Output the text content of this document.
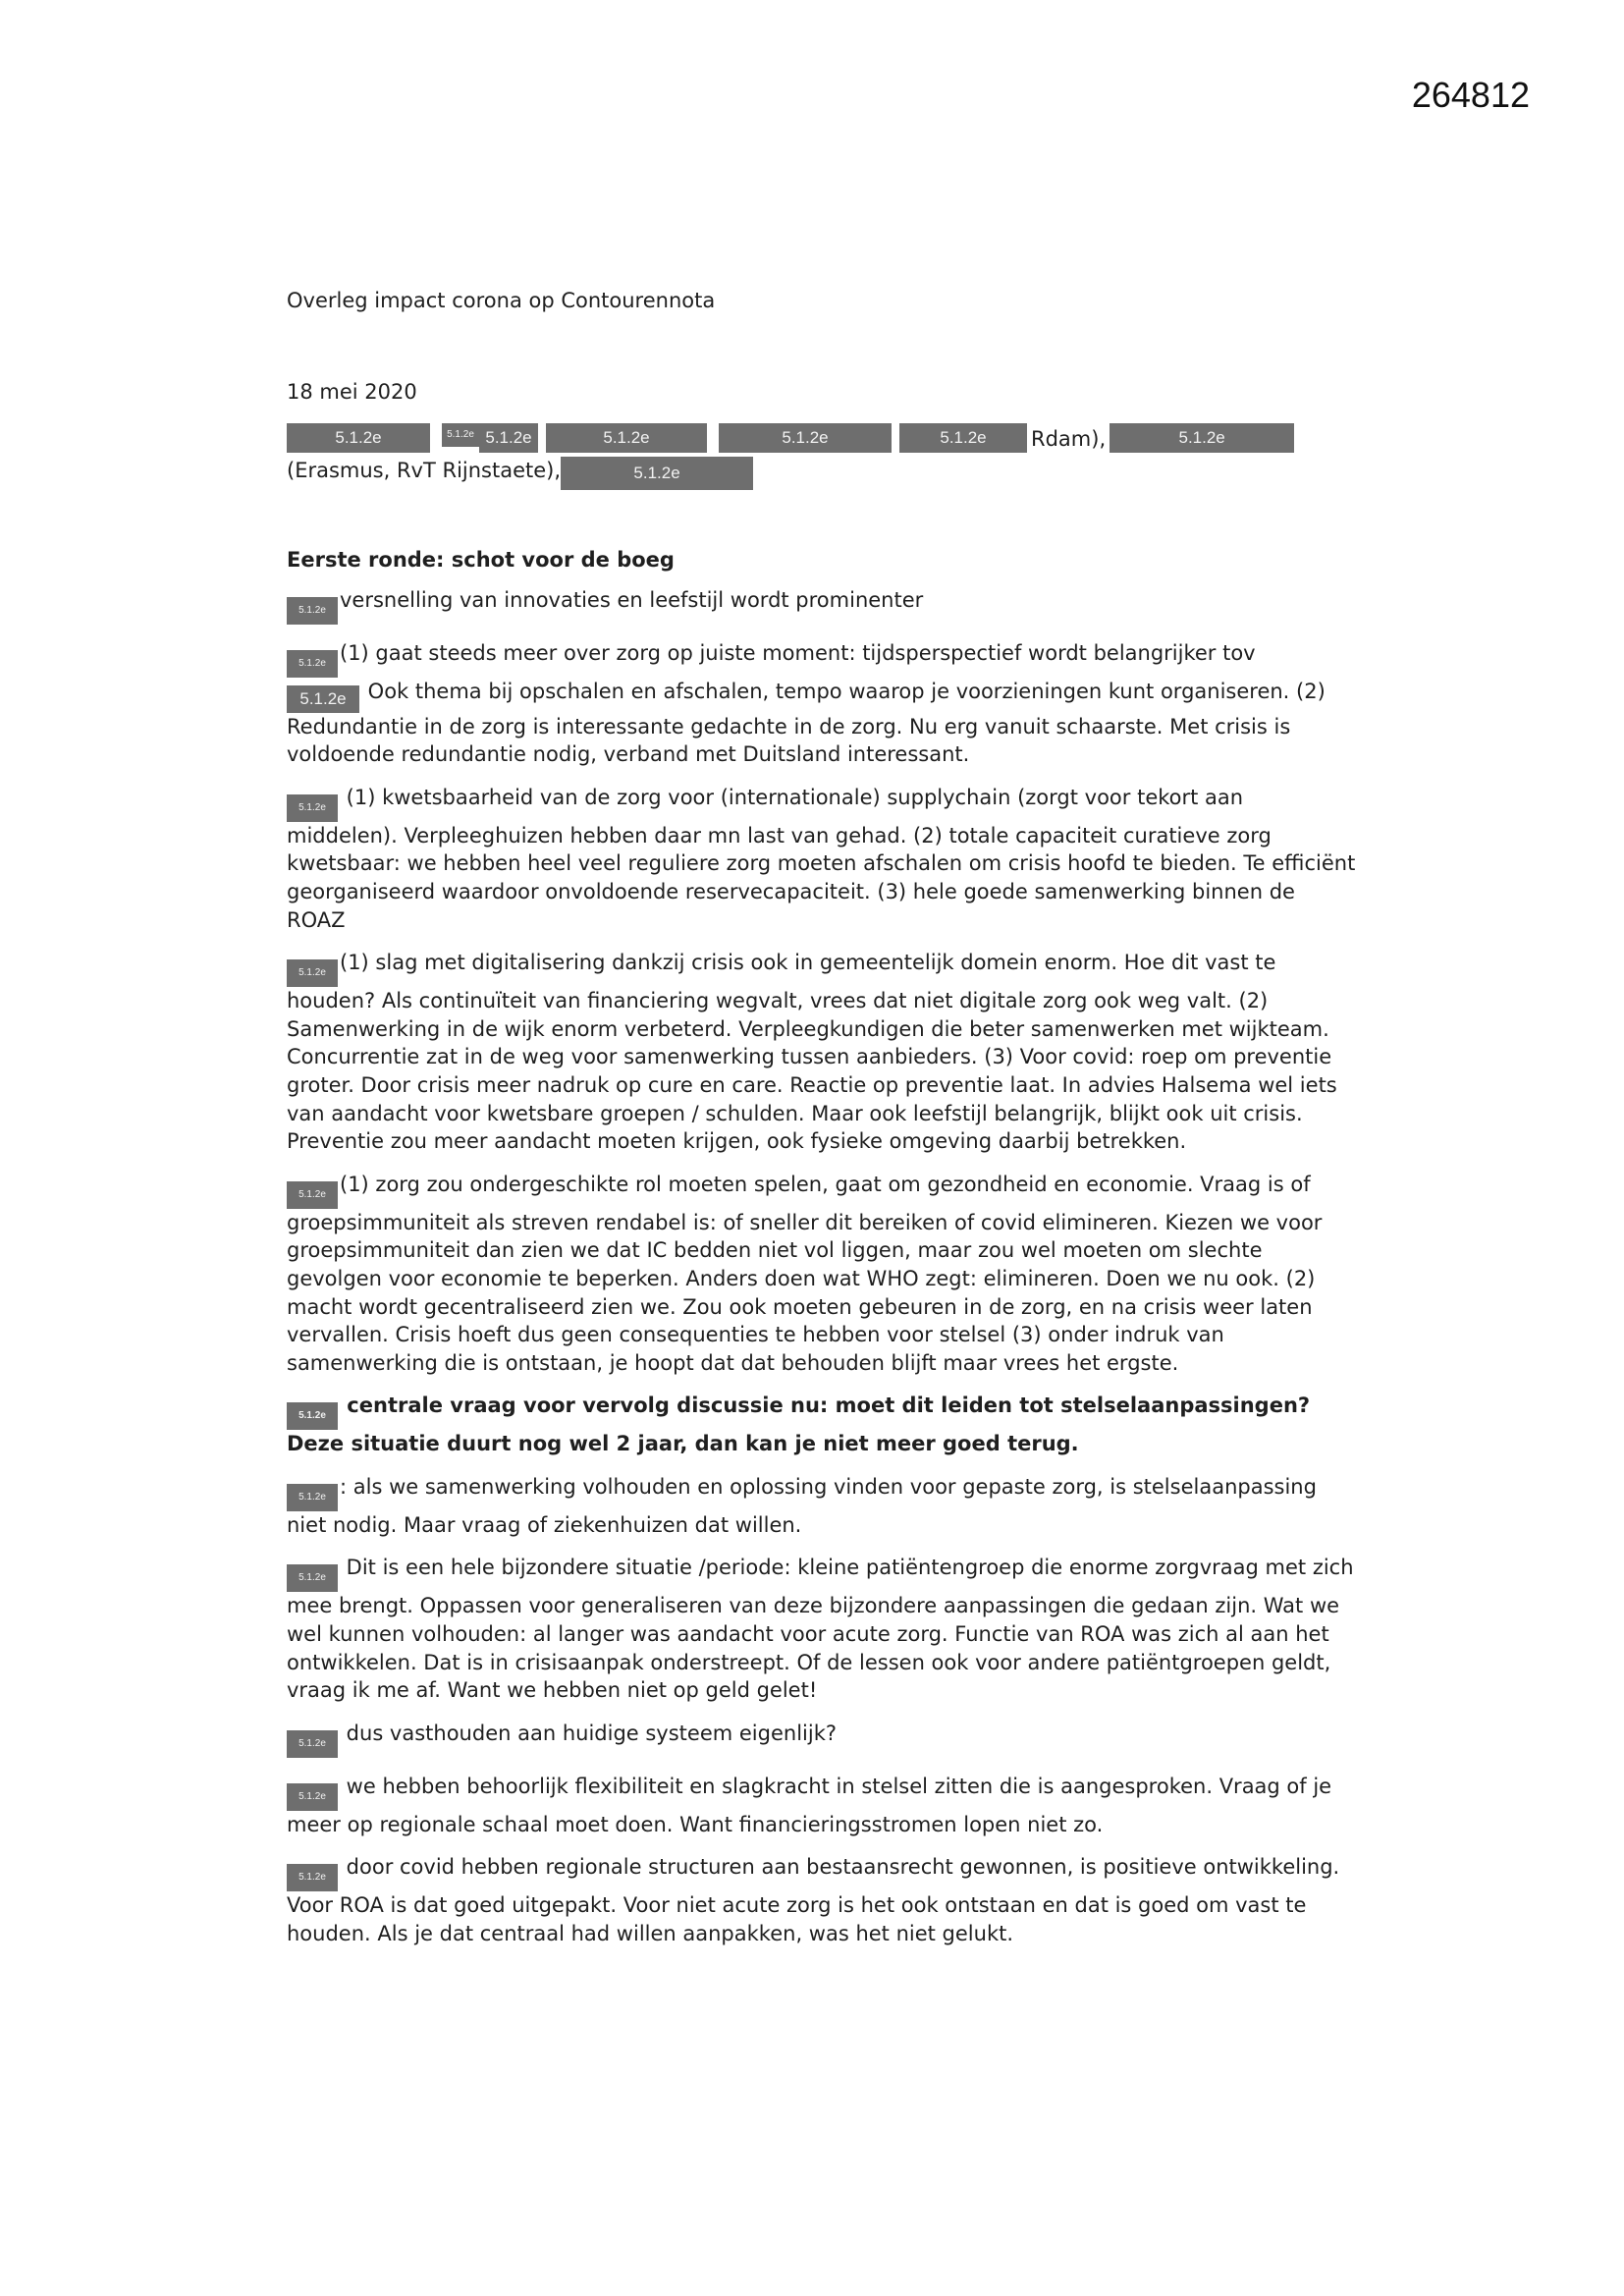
264812
Overleg impact corona op Contourennota
18 mei 2020
5.1.2e	5.1.2e 5.1.2e	5.1.2e	5.1.2e	5.1.2e Rdam),	5.1.2e
(Erasmus, RvT Rijnstaete),	5.1.2e
Eerste ronde: schot voor de boeg

5.1.2e versnelling van innovaties en leefstijl wordt prominenter

5.1.2e (1) gaat steeds meer over zorg op juiste moment: tijdsperspectief wordt belangrijker tov
5.1.2e Ook thema bij opschalen en afschalen, tempo waarop je voorzieningen kunt organiseren. (2) Redundantie in de zorg is interessante gedachte in de zorg. Nu erg vanuit schaarste. Met crisis is voldoende redundantie nodig, verband met Duitsland interessant.

5.1.2e (1) kwetsbaarheid van de zorg voor (internationale) supplychain (zorgt voor tekort aan middelen). Verpleeghuizen hebben daar mn last van gehad. (2) totale capaciteit curatieve zorg kwetsbaar: we hebben heel veel reguliere zorg moeten afschalen om crisis hoofd te bieden. Te efficiënt georganiseerd waardoor onvoldoende reservecapaciteit. (3) hele goede samenwerking binnen de ROAZ

5.1.2e (1) slag met digitalisering dankzij crisis ook in gemeentelijk domein enorm. Hoe dit vast te houden? Als continuïteit van financiering wegvalt, vrees dat niet digitale zorg ook weg valt. (2) Samenwerking in de wijk enorm verbeterd. Verpleegkundigen die beter samenwerken met wijkteam. Concurrentie zat in de weg voor samenwerking tussen aanbieders. (3) Voor covid: roep om preventie groter. Door crisis meer nadruk op cure en care. Reactie op preventie laat. In advies Halsema wel iets van aandacht voor kwetsbare groepen / schulden. Maar ook leefstijl belangrijk, blijkt ook uit crisis. Preventie zou meer aandacht moeten krijgen, ook fysieke omgeving daarbij betrekken.

5.1.2e (1) zorg zou ondergeschikte rol moeten spelen, gaat om gezondheid en economie. Vraag is of groepsimmuniteit als streven rendabel is: of sneller dit bereiken of covid elimineren. Kiezen we voor groepsimmuniteit dan zien we dat IC bedden niet vol liggen, maar zou wel moeten om slechte gevolgen voor economie te beperken. Anders doen wat WHO zegt: elimineren. Doen we nu ook. (2) macht wordt gecentraliseerd zien we. Zou ook moeten gebeuren in de zorg, en na crisis weer laten vervallen. Crisis hoeft dus geen consequenties te hebben voor stelsel (3) onder indruk van samenwerking die is ontstaan, je hoopt dat dat behouden blijft maar vrees het ergste.

5.1.2e centrale vraag voor vervolg discussie nu: moet dit leiden tot stelselaanpassingen? Deze situatie duurt nog wel 2 jaar, dan kan je niet meer goed terug.

5.1.2e : als we samenwerking volhouden en oplossing vinden voor gepaste zorg, is stelselaanpassing niet nodig. Maar vraag of ziekenhuizen dat willen.

5.1.2e Dit is een hele bijzondere situatie /periode: kleine patiëntengroep die enorme zorgvraag met zich mee brengt. Oppassen voor generaliseren van deze bijzondere aanpassingen die gedaan zijn. Wat we wel kunnen volhouden: al langer was aandacht voor acute zorg. Functie van ROA was zich al aan het ontwikkelen. Dat is in crisisaanpak onderstreept. Of de lessen ook voor andere patiëntgroepen geldt, vraag ik me af. Want we hebben niet op geld gelet!

5.1.2e dus vasthouden aan huidige systeem eigenlijk?

5.1.2e we hebben behoorlijk flexibiliteit en slagkracht in stelsel zitten die is aangesproken. Vraag of je meer op regionale schaal moet doen. Want financieringsstromen lopen niet zo.

5.1.2e door covid hebben regionale structuren aan bestaansrecht gewonnen, is positieve ontwikkeling. Voor ROA is dat goed uitgepakt. Voor niet acute zorg is het ook ontstaan en dat is goed om vast te houden. Als je dat centraal had willen aanpakken, was het niet gelukt.
